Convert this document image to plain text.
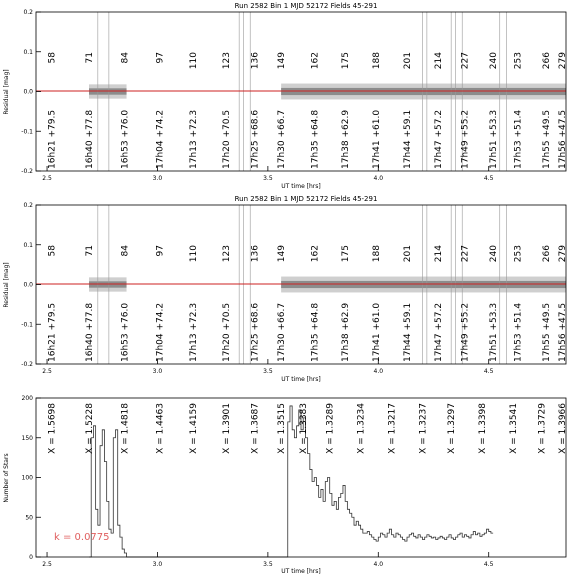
Run 2582 Bin 1 MJD 52172 Fields 45-291
58
16h21 +79.5
71
16h40 +77.8
84
16h53 +76.0
97
17h04 +74.2
110
17h13 +72.3
123
17h20 +70.5
136
17h25 +68.6
149
17h30 +66.7
162
17h35 +64.8
175
17h38 +62.9
188
17h41 +61.0
201
17h44 +59.1
214
17h47 +57.2
227
17h49 +55.2
240
17h51 +53.3
253
17h53 +51.4
266
17h55 +49.5
279
17h56 +47.5
2.5	3.0	3.5	4.0	4.5
-0.2
-0.1
0.0
0.1
0.2
UT time [hrs]
Residual [mag]
Run 2582 Bin 1 MJD 52172 Fields 45-291
58
16h21 +79.5
71
16h40 +77.8
84
16h53 +76.0
97
17h04 +74.2
110
17h13 +72.3
123
17h20 +70.5
136
17h25 +68.6
149
17h30 +66.7
162
17h35 +64.8
175
17h38 +62.9
188
17h41 +61.0
201
17h44 +59.1
214
17h47 +57.2
227
17h49 +55.2
240
17h51 +53.3
253
17h53 +51.4
266
17h55 +49.5
279
17h56 +47.5
2.5	3.0	3.5	4.0	4.5
-0.2
-0.1
0.0
0.1
0.2
UT time [hrs]
Residual [mag]
X = 1.5698	X = 1.5228	X = 1.4818	X = 1.4463	X = 1.4159	X = 1.3901 X = 1.3687 X = 1.3515 X = 1.3383 X = 1.3289 X = 1.3234 X = 1.3217 X = 1.3237 X = 1.3297 X = 1.3398 X = 1.3541 X = 1.3729 X = 1.3966
k = 0.0775
2.5	3.0	3.5	4.0	4.5
0
50
100
150
200
UT time [hrs]
Number of Stars
